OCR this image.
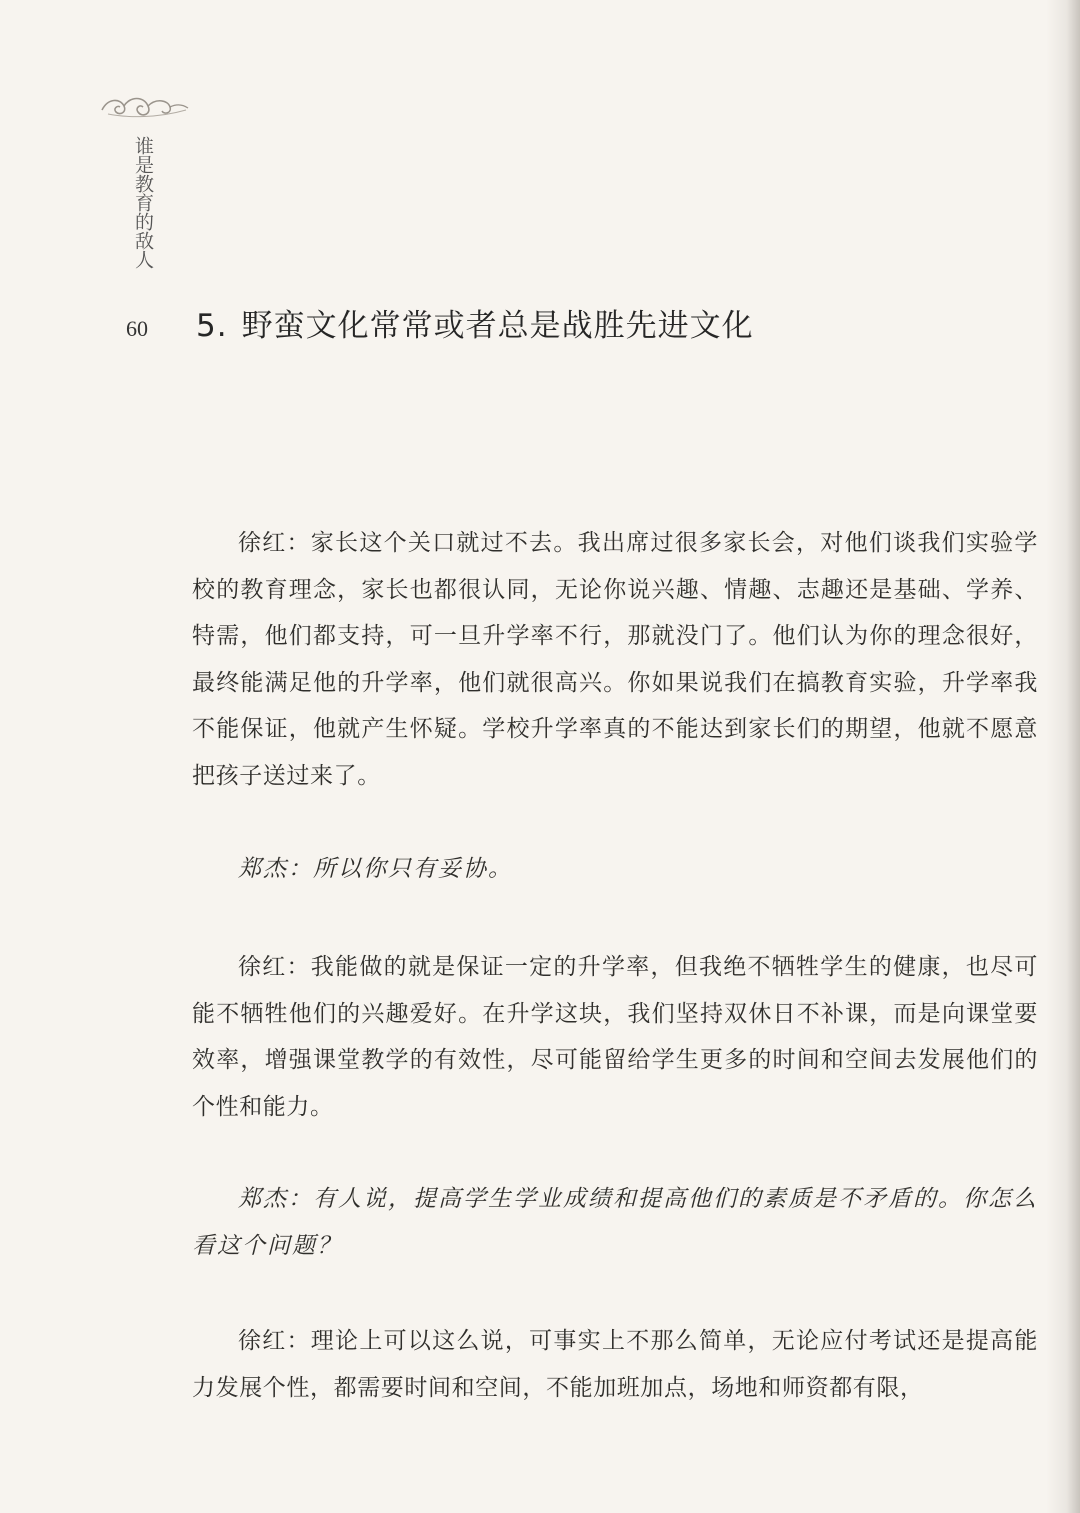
谁是教育的敌人
60 5. 野蛮文化常常或者总是战胜先进文化

徐红：家长这个关口就过不去。我出席过很多家长会，对他们谈我们实验学校的教育理念，家长也都很认同，无论你说兴趣、情趣、志趣还是基础、学养、特需，他们都支持，可一旦升学率不行，那就没门了。他们认为你的理念很好，最终能满足他的升学率，他们就很高兴。你如果说我们在搞教育实验，升学率我不能保证，他就产生怀疑。学校升学率真的不能达到家长们的期望，他就不愿意把孩子送过来了。

郑杰：所以你只有妥协。

徐红：我能做的就是保证一定的升学率，但我绝不牺牲学生的健康，也尽可能不牺牲他们的兴趣爱好。在升学这块，我们坚持双休日不补课，而是向课堂要效率，增强课堂教学的有效性，尽可能留给学生更多的时间和空间去发展他们的个性和能力。

郑杰：有人说，提高学生学业成绩和提高他们的素质是不矛盾的。你怎么看这个问题？

徐红：理论上可以这么说，可事实上不那么简单，无论应付考试还是提高能力发展个性，都需要时间和空间，不能加班加点，场地和师资都有限，
